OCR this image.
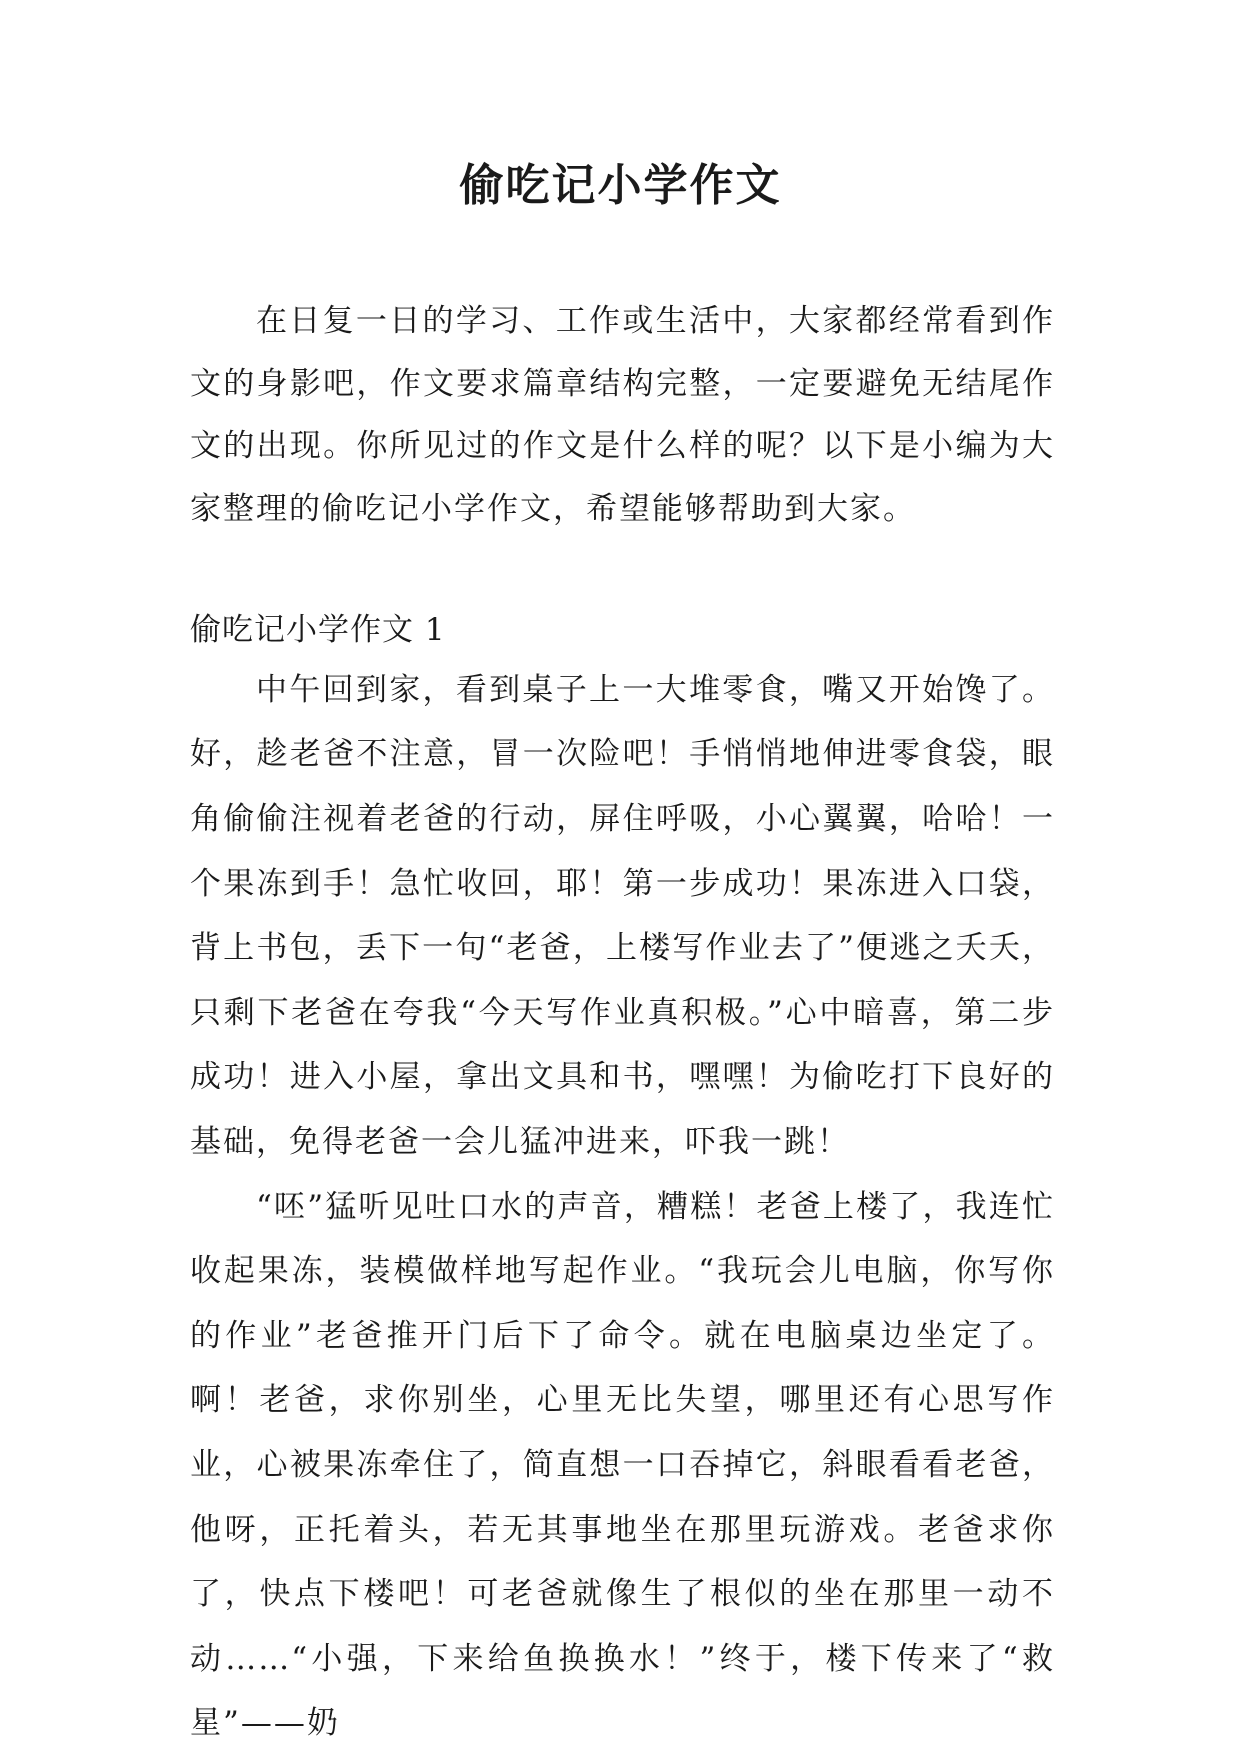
偷吃记小学作文

在日复一日的学习、工作或生活中，大家都经常看到作文的身影吧，作文要求篇章结构完整，一定要避免无结尾作文的出现。你所见过的作文是什么样的呢？以下是小编为大家整理的偷吃记小学作文，希望能够帮助到大家。

偷吃记小学作文 1

中午回到家，看到桌子上一大堆零食，嘴又开始馋了。好，趁老爸不注意，冒一次险吧！手悄悄地伸进零食袋，眼角偷偷注视着老爸的行动，屏住呼吸，小心翼翼，哈哈！一个果冻到手！急忙收回，耶！第一步成功！果冻进入口袋，背上书包，丢下一句“老爸，上楼写作业去了”便逃之夭夭，只剩下老爸在夸我“今天写作业真积极。”心中暗喜，第二步成功！进入小屋，拿出文具和书，嘿嘿！为偷吃打下良好的基础，免得老爸一会儿猛冲进来，吓我一跳！

“呸”猛听见吐口水的声音，糟糕！老爸上楼了，我连忙收起果冻，装模做样地写起作业。“我玩会儿电脑，你写你的作业”老爸推开门后下了命令。就在电脑桌边坐定了。啊！老爸，求你别坐，心里无比失望，哪里还有心思写作业，心被果冻牵住了，简直想一口吞掉它，斜眼看看老爸，他呀，正托着头，若无其事地坐在那里玩游戏。老爸求你了，快点下楼吧！可老爸就像生了根似的坐在那里一动不动……“小强，下来给鱼换换水！”终于，楼下传来了“救星”——奶
